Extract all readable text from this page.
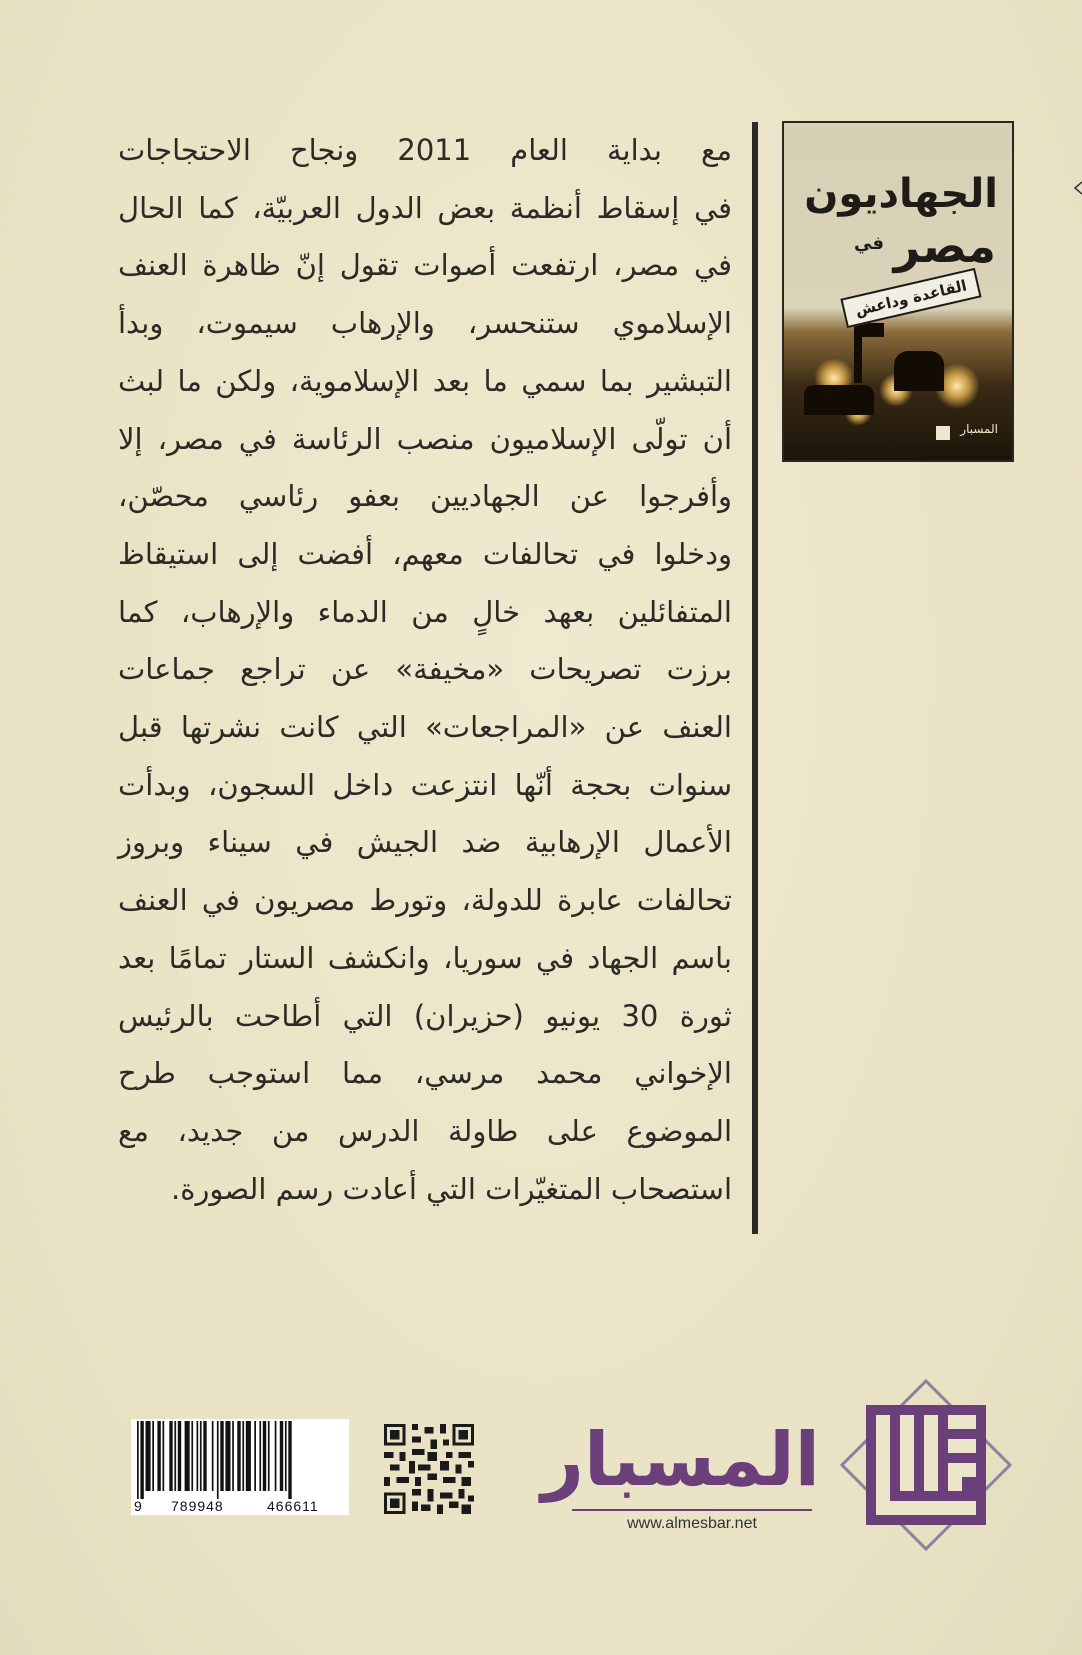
مع بداية العام 2011 ونجاح الاحتجاجات
في إسقاط أنظمة بعض الدول العربيّة، كما الحال
في مصر، ارتفعت أصوات تقول إنّ ظاهرة العنف
الإسلاموي ستنحسر، والإرهاب سيموت، وبدأ
التبشير بما سمي ما بعد الإسلاموية، ولكن ما لبث
أن تولّى الإسلاميون منصب الرئاسة في مصر، إلا
وأفرجوا عن الجهاديين بعفو رئاسي محصّن،
ودخلوا في تحالفات معهم، أفضت إلى استيقاظ
المتفائلين بعهد خالٍ من الدماء والإرهاب، كما
برزت تصريحات «مخيفة» عن تراجع جماعات
العنف عن «المراجعات» التي كانت نشرتها قبل
سنوات بحجة أنّها انتزعت داخل السجون، وبدأت
الأعمال الإرهابية ضد الجيش في سيناء وبروز
تحالفات عابرة للدولة، وتورط مصريون في العنف
باسم الجهاد في سوريا، وانكشف الستار تمامًا بعد
ثورة 30 يونيو (حزيران) التي أطاحت بالرئيس
الإخواني محمد مرسي، مما استوجب طرح
الموضوع على طاولة الدرس من جديد، مع
استصحاب المتغيّرات التي أعادت رسم الصورة.
الجهاديون
في مصر
القاعدة وداعش
المسبار
9 789948	466611
المسبار
www.almesbar.net
